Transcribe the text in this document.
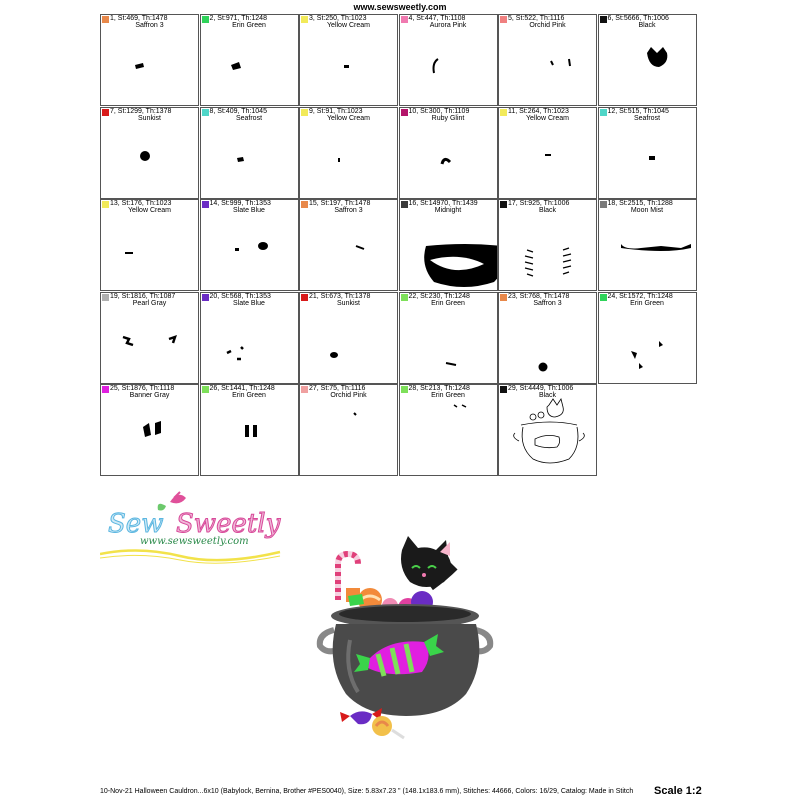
www.sewsweetly.com
1, St:469, Th:1478
Saffron 3
2, St:971, Th:1248
Erin Green
3, St:250, Th:1023
Yellow Cream
4, St:447, Th:1108
Aurora Pink
5, St:522, Th:1116
Orchid Pink
6, St:5666, Th:1006
Black
7, St:1299, Th:1378
Sunkist
8, St:409, Th:1045
Seafrost
9, St:91, Th:1023
Yellow Cream
10, St:300, Th:1109
Ruby Glint
11, St:264, Th:1023
Yellow Cream
12, St:515, Th:1045
Seafrost
13, St:176, Th:1023
Yellow Cream
14, St:999, Th:1353
Slate Blue
15, St:197, Th:1478
Saffron 3
16, St:14970, Th:1439
Midnight
17, St:925, Th:1006
Black
18, St:2515, Th:1288
Moon Mist
19, St:1816, Th:1087
Pearl Gray
20, St:568, Th:1353
Slate Blue
21, St:673, Th:1378
Sunkist
22, St:230, Th:1248
Erin Green
23, St:768, Th:1478
Saffron 3
24, St:1572, Th:1248
Erin Green
25, St:1876, Th:1118
Banner Gray
26, St:1441, Th:1248
Erin Green
27, St:75, Th:1116
Orchid Pink
28, St:213, Th:1248
Erin Green
29, St:4449, Th:1006
Black
Sew Sweetly
www.sewsweetly.com
10-Nov-21 Halloween Cauldron...6x10 (Babylock, Bernina, Brother #PES0040), Size: 5.83x7.23 " (148.1x183.6 mm), Stitches: 44666, Colors: 16/29, Catalog: Made in Stitch	Scale 1:2
